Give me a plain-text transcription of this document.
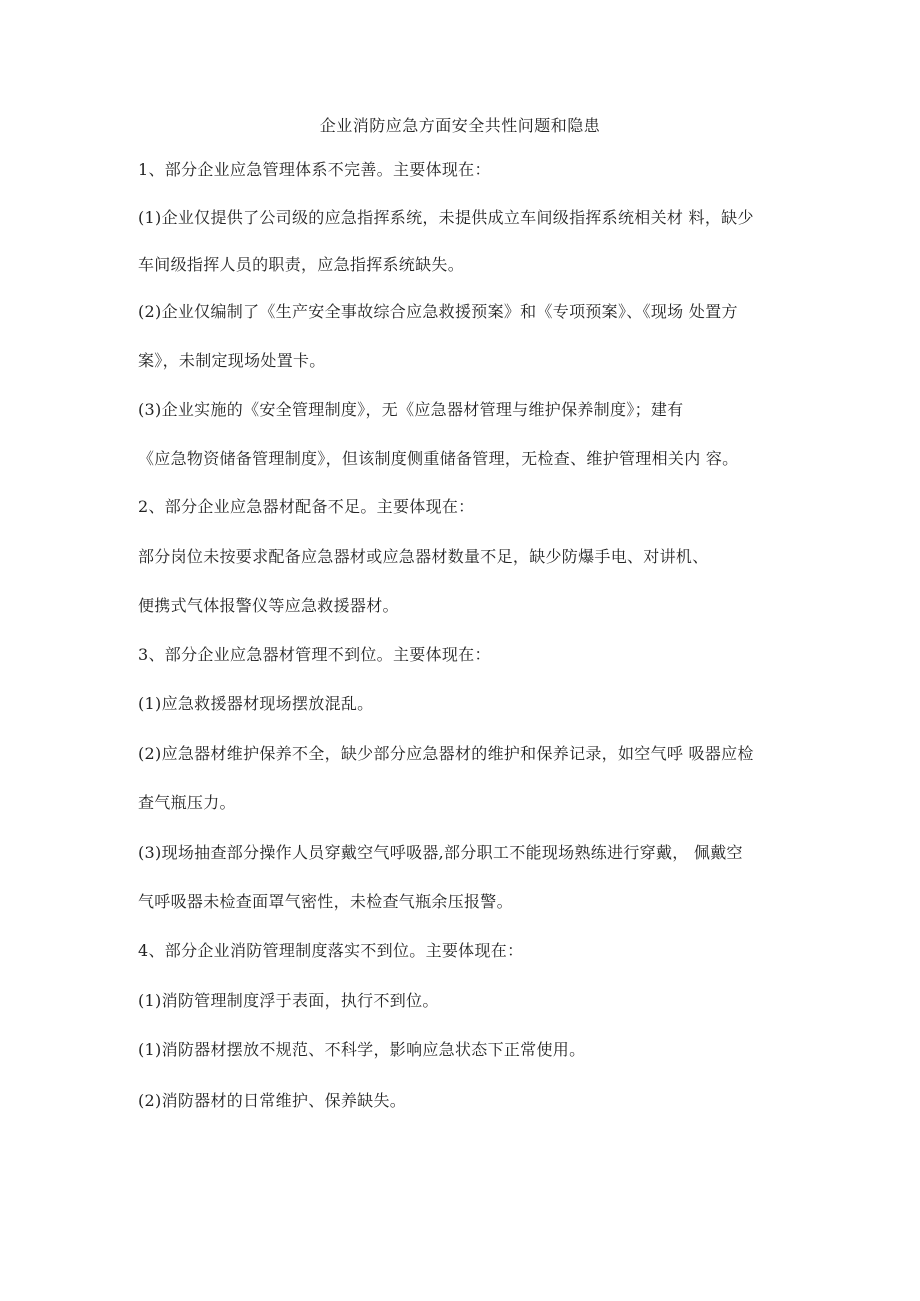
企业消防应急方面安全共性问题和隐患
1、部分企业应急管理体系不完善。主要体现在：
(1)企业仅提供了公司级的应急指挥系统，未提供成立车间级指挥系统相关材 料，缺少
车间级指挥人员的职责，应急指挥系统缺失。
(2)企业仅编制了《生产安全事故综合应急救援预案》和《专项预案》、《现场 处置方
案》，未制定现场处置卡。
(3)企业实施的《安全管理制度》，无《应急器材管理与维护保养制度》；建有
《应急物资储备管理制度》，但该制度侧重储备管理，无检查、维护管理相关内 容。
2、部分企业应急器材配备不足。主要体现在：
部分岗位未按要求配备应急器材或应急器材数量不足，缺少防爆手电、对讲机、
便携式气体报警仪等应急救援器材。
3、部分企业应急器材管理不到位。主要体现在：
(1)应急救援器材现场摆放混乱。
(2)应急器材维护保养不全，缺少部分应急器材的维护和保养记录，如空气呼 吸器应检
查气瓶压力。
(3)现场抽查部分操作人员穿戴空气呼吸器,部分职工不能现场熟练进行穿戴， 佩戴空
气呼吸器未检查面罩气密性，未检查气瓶余压报警。
4、部分企业消防管理制度落实不到位。主要体现在：
(1)消防管理制度浮于表面，执行不到位。
(1)消防器材摆放不规范、不科学，影响应急状态下正常使用。
(2)消防器材的日常维护、保养缺失。
